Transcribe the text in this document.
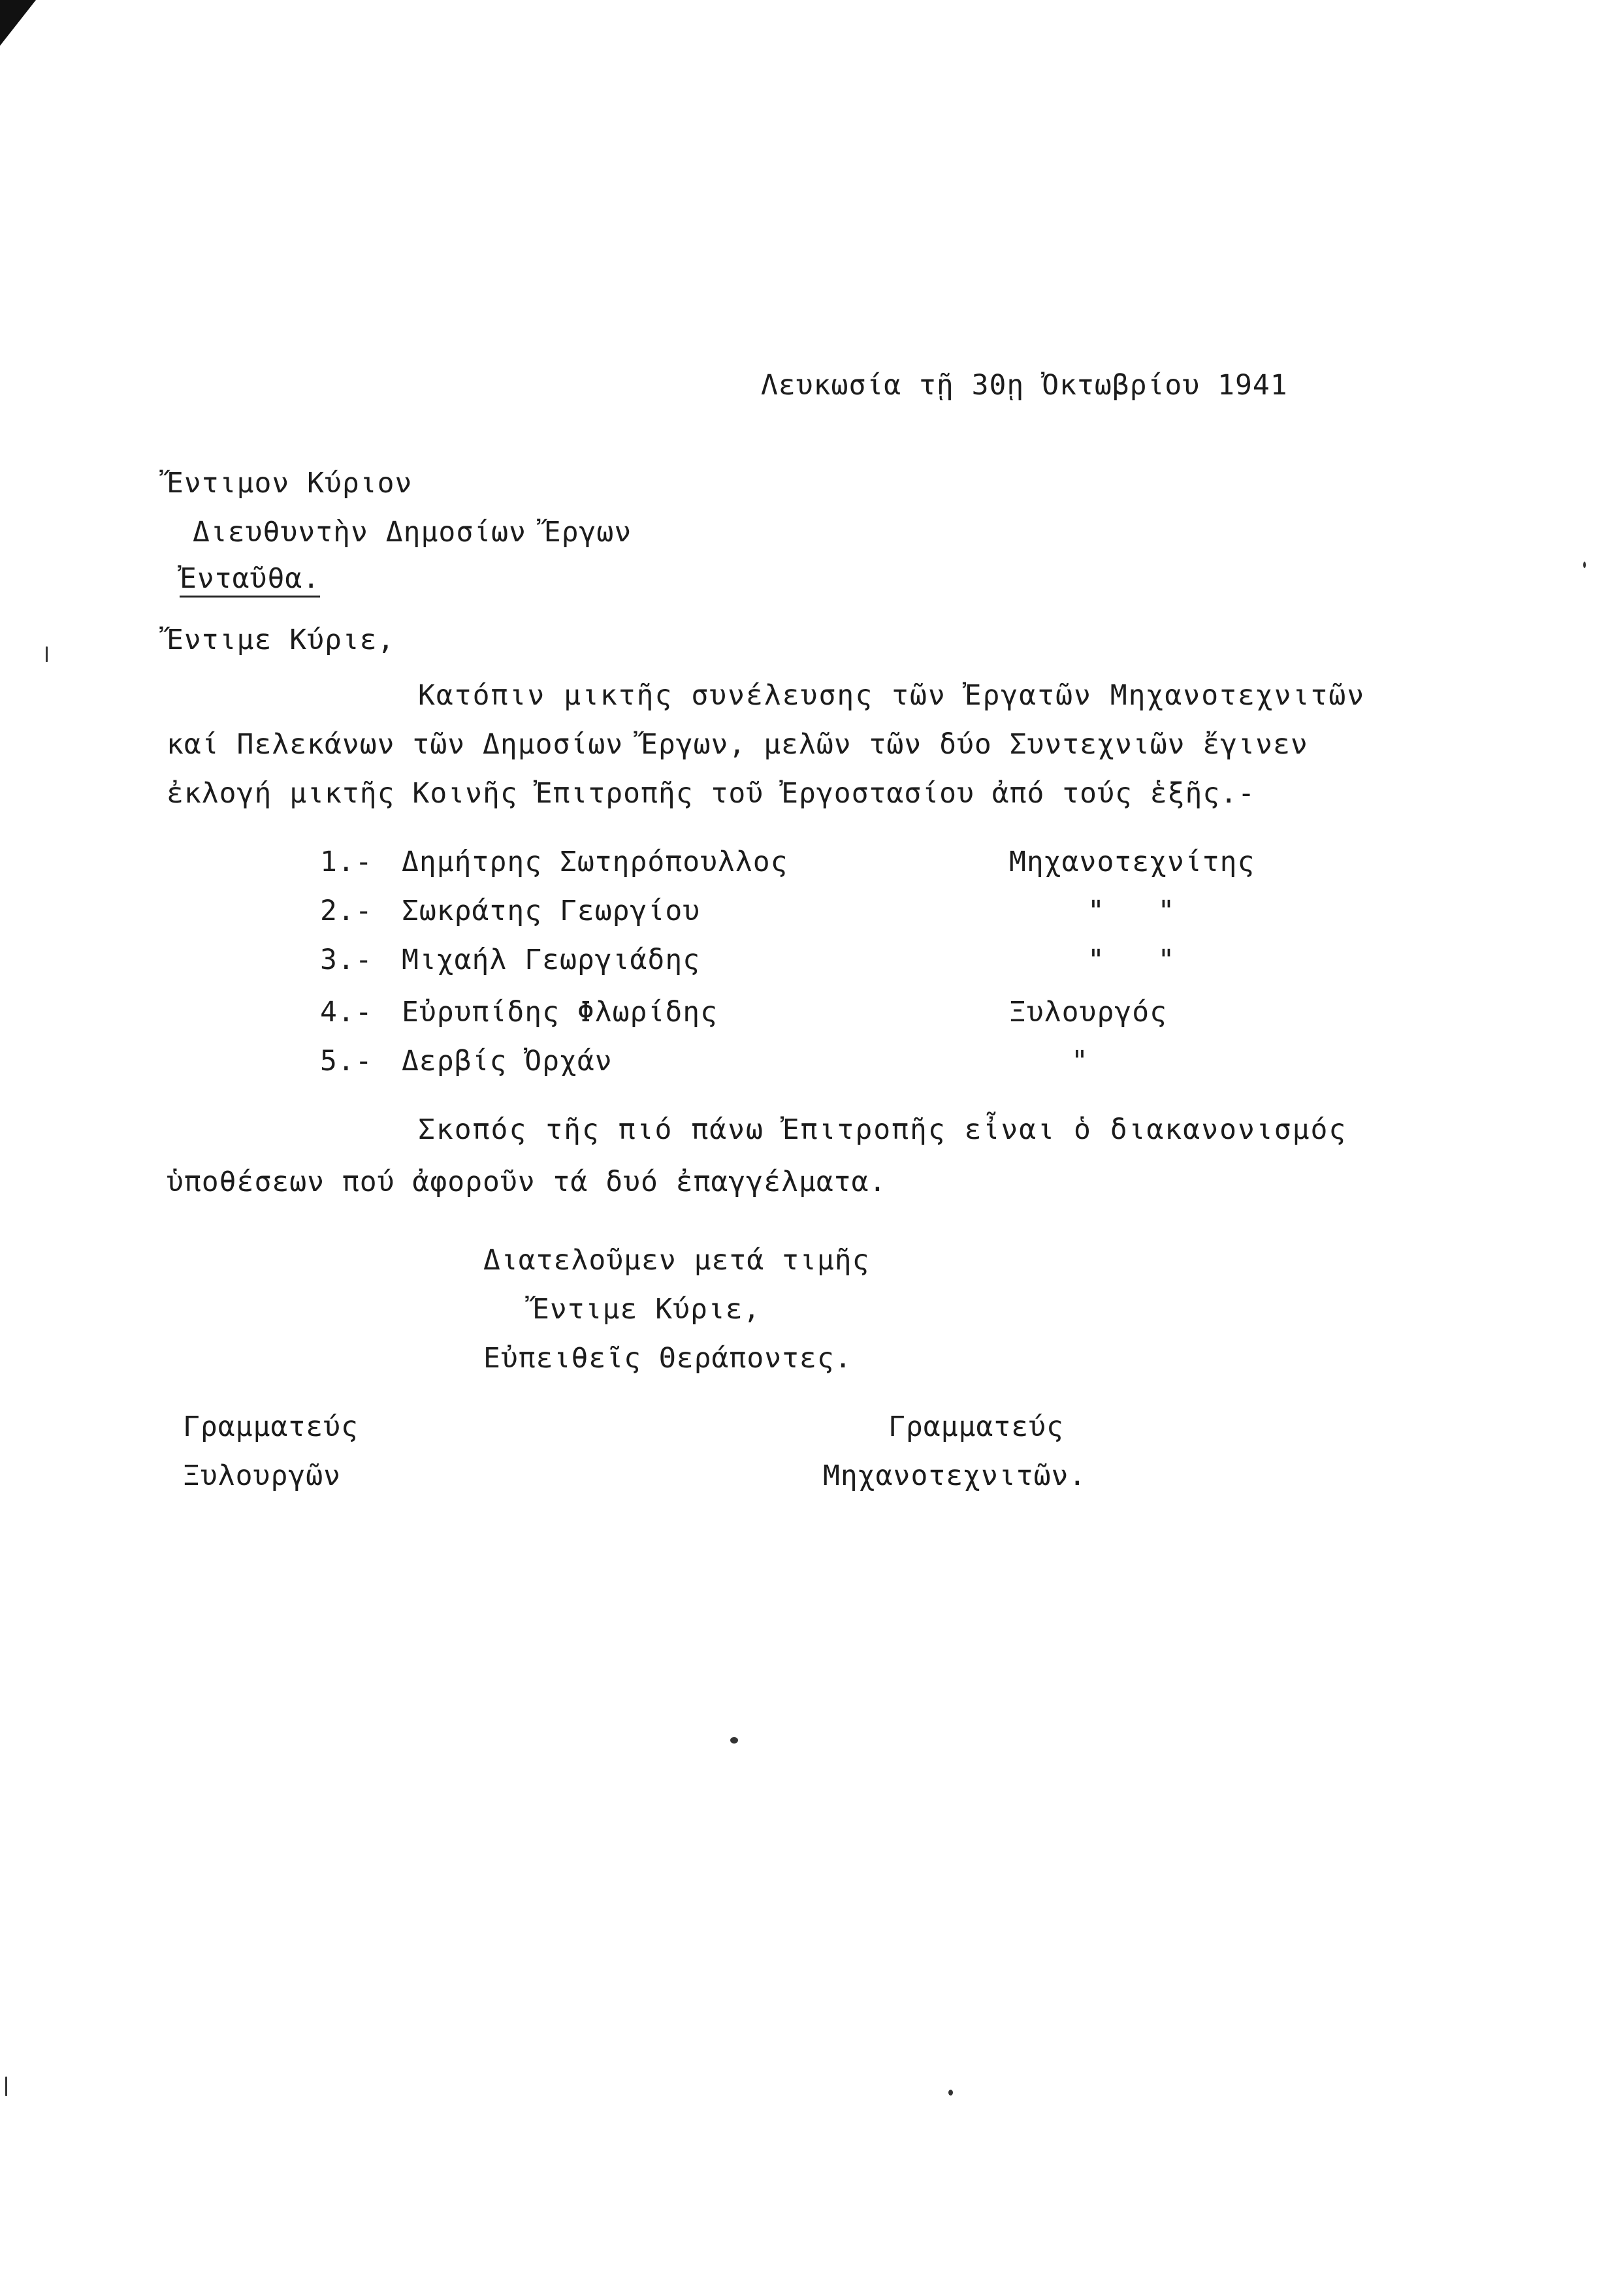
Λευκωσία τῇ 30ῃ Ὀκτωβρίου 1941
Ἔντιμον Κύριον
Διευθυντὴν Δημοσίων Ἔργων
Ἐνταῦθα.
Ἔντιμε Κύριε,
Κατόπιν μικτῆς συνέλευσης τῶν Ἐργατῶν Μηχανοτεχνιτῶν
καί Πελεκάνων τῶν Δημοσίων Ἔργων, μελῶν τῶν δύο Συντεχνιῶν ἔγινεν
ἐκλογή μικτῆς Κοινῆς Ἐπιτροπῆς τοῦ Ἐργοστασίου ἀπό τούς ἑξῆς.-
1.- Δημήτρης Σωτηρόπουλλος	Μηχανοτεχνίτης
2.- Σωκράτης Γεωργίου	"   "
3.- Μιχαήλ Γεωργιάδης	"   "
4.- Εὐρυπίδης Φλωρίδης	Ξυλουργός
5.- Δερβίς Ὀρχάν	"
Σκοπός τῆς πιό πάνω Ἐπιτροπῆς εἶναι ὁ διακανονισμός
ὑποθέσεων πού ἀφοροῦν τά δυό ἐπαγγέλματα.
Διατελοῦμεν μετά τιμῆς
Ἔντιμε Κύριε,
Εὐπειθεῖς Θεράποντες.
Γραμματεύς
Ξυλουργῶν
Γραμματεύς
Μηχανοτεχνιτῶν.
